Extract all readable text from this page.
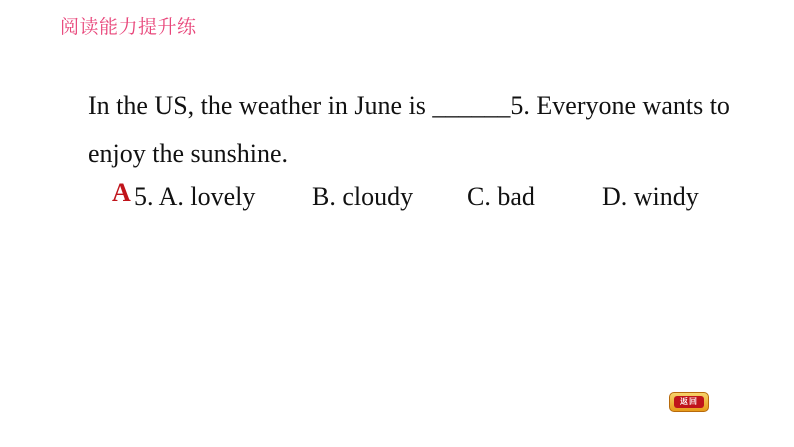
阅读能力提升练
In the US, the weather in June is ______5. Everyone wants to enjoy the sunshine.
5. A. lovely B. cloudy C. bad	D. windy
A
返回
